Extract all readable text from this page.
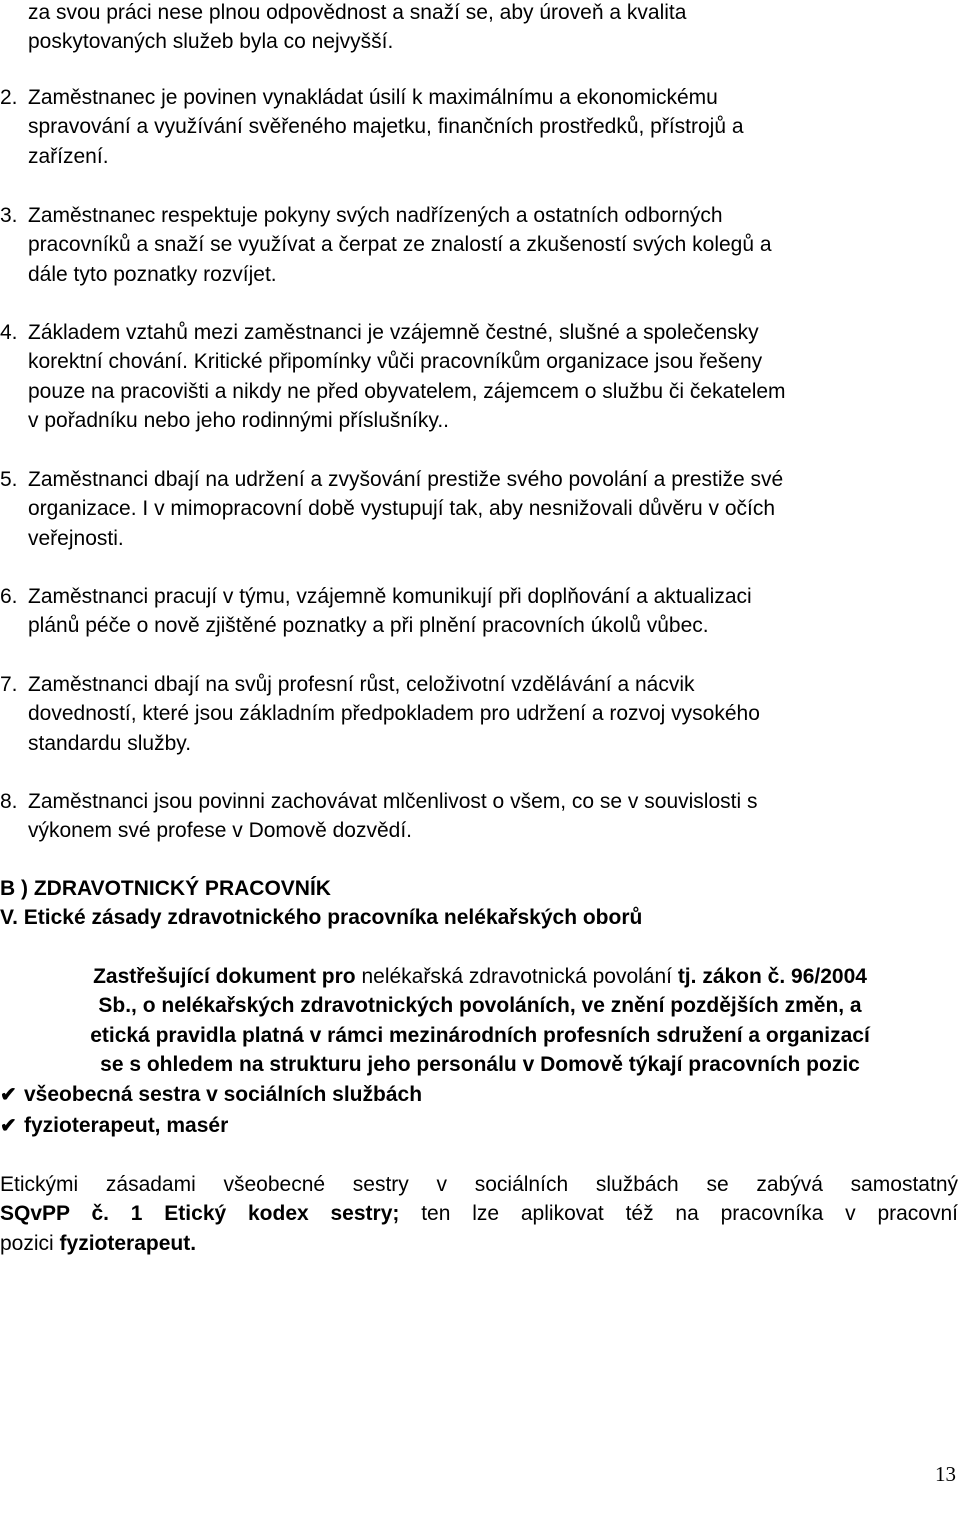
za svou práci nese plnou odpovědnost a snaží se, aby úroveň a kvalita
poskytovaných služeb byla co nejvyšší.
2. Zaměstnanec je povinen vynakládat úsilí k maximálnímu a ekonomickému
spravování a využívání svěřeného majetku, finančních prostředků, přístrojů a
zařízení.
3. Zaměstnanec respektuje pokyny svých nadřízených a ostatních odborných
pracovníků a snaží se využívat a čerpat ze znalostí a zkušeností svých kolegů a
dále tyto poznatky rozvíjet.
4. Základem vztahů mezi zaměstnanci je vzájemně čestné, slušné a společensky
korektní chování. Kritické připomínky vůči pracovníkům organizace jsou řešeny
pouze na pracovišti a nikdy ne před obyvatelem, zájemcem o službu či čekatelem
v pořadníku nebo jeho rodinnými příslušníky..
5. Zaměstnanci dbají na udržení a zvyšování prestiže svého povolání a prestiže své
organizace. I v mimopracovní době vystupují tak, aby nesnižovali důvěru v očích
veřejnosti.
6. Zaměstnanci pracují v týmu, vzájemně komunikují při doplňování a aktualizaci
plánů péče o nově zjištěné poznatky a při plnění pracovních úkolů vůbec.
7. Zaměstnanci dbají na svůj profesní růst, celoživotní vzdělávání a nácvik
dovedností, které jsou základním předpokladem pro udržení a rozvoj vysokého
standardu služby.
8. Zaměstnanci jsou povinni zachovávat mlčenlivost o všem, co se v souvislosti s
výkonem své profese v Domově dozvědí.
B ) ZDRAVOTNICKÝ PRACOVNÍK
V. Etické zásady zdravotnického pracovníka nelékařských oborů
Zastřešující dokument pro nelékařská zdravotnická povolání tj. zákon č. 96/2004
Sb., o nelékařských zdravotnických povoláních, ve znění pozdějších změn, a
etická pravidla platná v rámci mezinárodních profesních sdružení a organizací
se s ohledem na strukturu jeho personálu v Domově týkají pracovních pozic
✔ všeobecná sestra v sociálních službách
✔ fyzioterapeut, masér
Etickými zásadami všeobecné sestry v sociálních službách se zabývá samostatný
SQvPP č. 1 Etický kodex sestry; ten lze aplikovat též na pracovníka v pracovní
pozici fyzioterapeut.
13
